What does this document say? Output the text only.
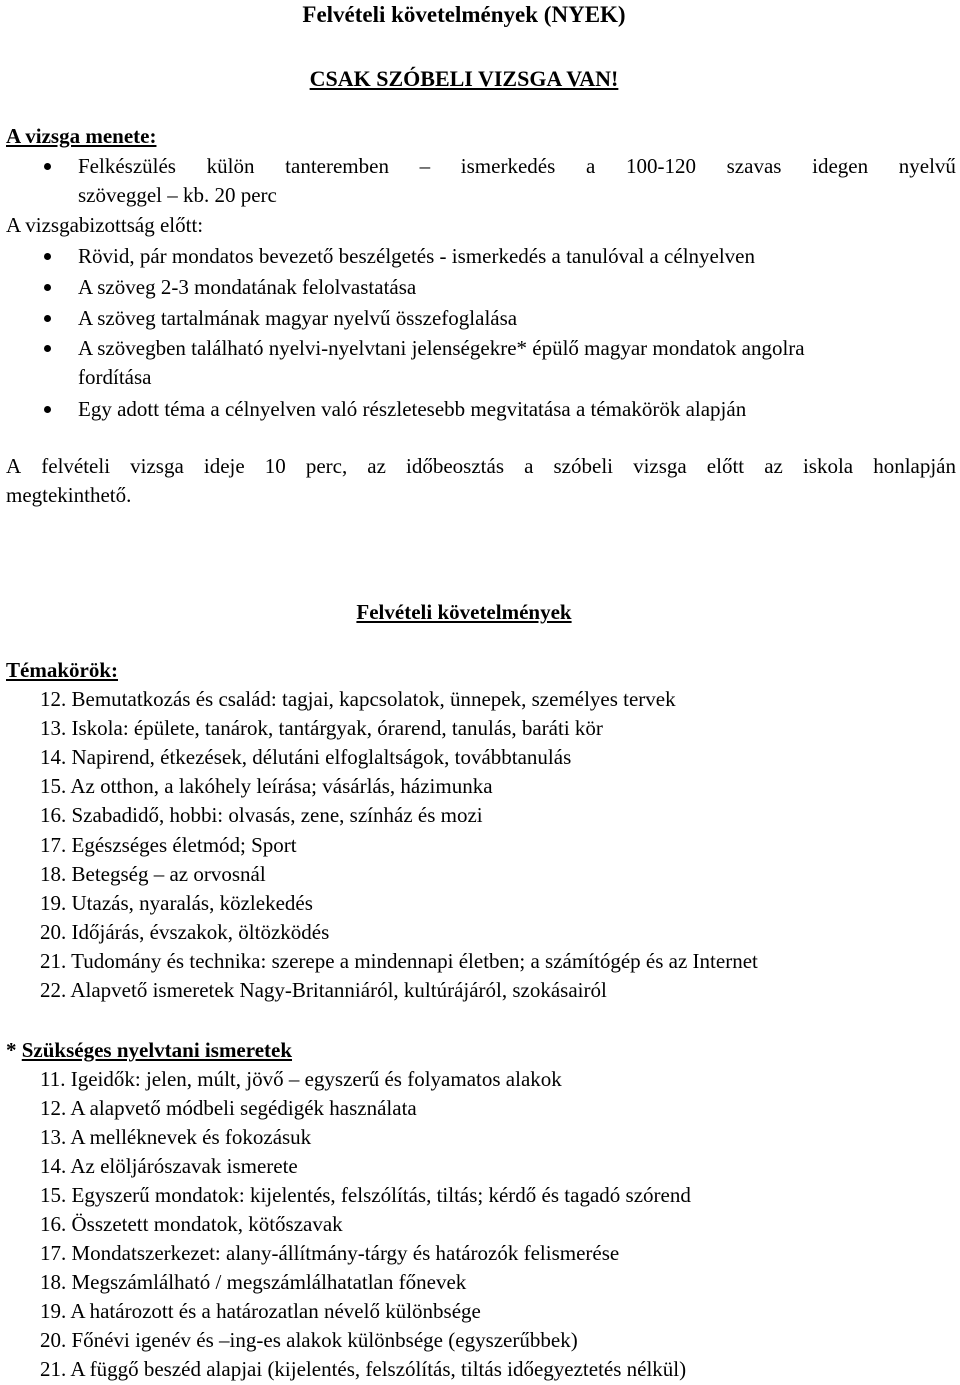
Felvételi követelmények (NYEK)
CSAK SZÓBELI VIZSGA VAN!
A vizsga menete:
Felkészülés külön tanteremben – ismerkedés a 100-120 szavas idegen nyelvű
szöveggel – kb. 20 perc
A vizsgabizottság előtt:
Rövid, pár mondatos bevezető beszélgetés - ismerkedés a tanulóval a célnyelven
A szöveg 2-3 mondatának felolvastatása
A szöveg tartalmának magyar nyelvű összefoglalása
A szövegben található nyelvi-nyelvtani jelenségekre* épülő magyar mondatok angolra
fordítása
Egy adott téma a célnyelven való részletesebb megvitatása a témakörök alapján
A felvételi vizsga ideje 10 perc, az időbeosztás a szóbeli vizsga előtt az iskola honlapján
megtekinthető.
Felvételi követelmények
Témakörök:
12. Bemutatkozás és család: tagjai, kapcsolatok, ünnepek, személyes tervek
13. Iskola: épülete, tanárok, tantárgyak, órarend, tanulás, baráti kör
14. Napirend, étkezések, délutáni elfoglaltságok, továbbtanulás
15. Az otthon, a lakóhely leírása; vásárlás, házimunka
16. Szabadidő, hobbi: olvasás, zene, színház és mozi
17. Egészséges életmód; Sport
18. Betegség – az orvosnál
19. Utazás, nyaralás, közlekedés
20. Időjárás, évszakok, öltözködés
21. Tudomány és technika: szerepe a mindennapi életben; a számítógép és az Internet
22. Alapvető ismeretek Nagy-Britanniáról, kultúrájáról, szokásairól
* Szükséges nyelvtani ismeretek
11. Igeidők: jelen, múlt, jövő – egyszerű és folyamatos alakok
12. A alapvető módbeli segédigék használata
13. A melléknevek és fokozásuk
14. Az elöljárószavak ismerete
15. Egyszerű mondatok: kijelentés, felszólítás, tiltás; kérdő és tagadó szórend
16. Összetett mondatok, kötőszavak
17. Mondatszerkezet: alany-állítmány-tárgy és határozók felismerése
18. Megszámlálható / megszámlálhatatlan főnevek
19. A határozott és a határozatlan névelő különbsége
20. Főnévi igenév és –ing-es alakok különbsége (egyszerűbbek)
21. A függő beszéd alapjai (kijelentés, felszólítás, tiltás időegyeztetés nélkül)
